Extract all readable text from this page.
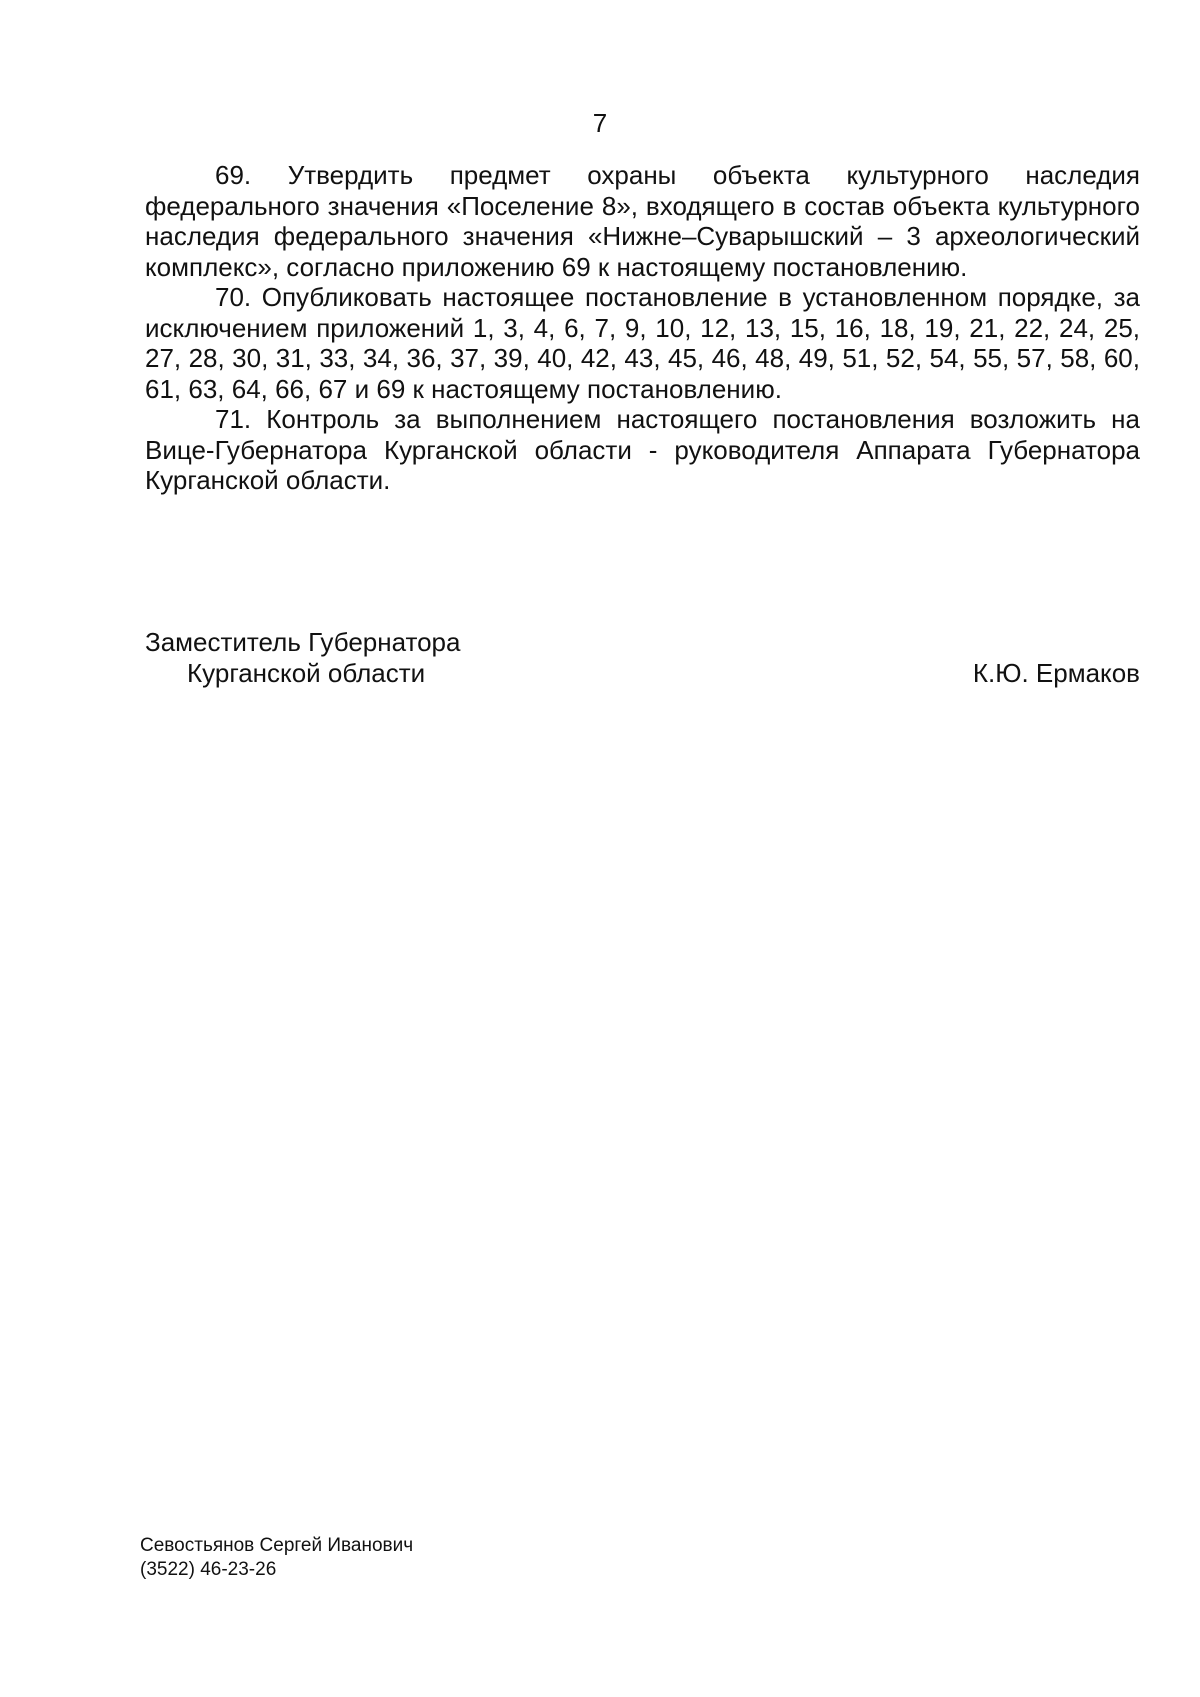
7

69. Утвердить предмет охраны объекта культурного наследия федерального значения «Поселение 8», входящего в состав объекта культурного наследия федерального значения «Нижне–Суварышский – 3 археологический комплекс», согласно приложению 69 к настоящему постановлению.

70. Опубликовать настоящее постановление в установленном порядке, за исключением приложений 1, 3, 4, 6, 7, 9, 10, 12, 13, 15, 16, 18, 19, 21, 22, 24, 25, 27, 28, 30, 31, 33, 34, 36, 37, 39, 40, 42, 43, 45, 46, 48, 49, 51, 52, 54, 55, 57, 58, 60, 61, 63, 64, 66, 67 и 69 к настоящему постановлению.

71. Контроль за выполнением настоящего постановления возложить на Вице-Губернатора Курганской области - руководителя Аппарата Губернатора Курганской области.

Заместитель Губернатора
Курганской области	К.Ю. Ермаков
Севостьянов Сергей Иванович
(3522) 46-23-26
